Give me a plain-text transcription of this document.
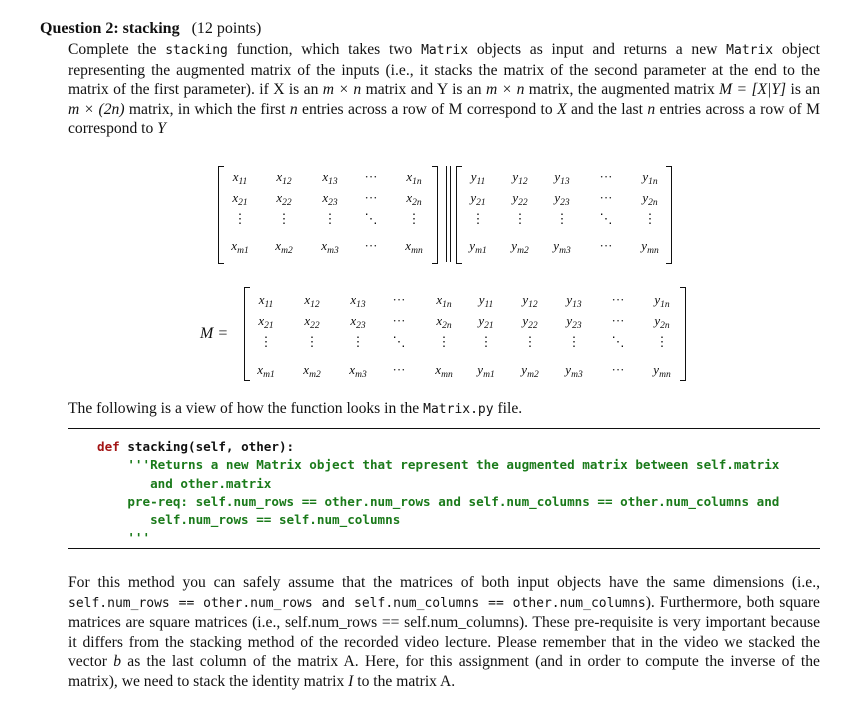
Question 2: stacking (12 points)
Complete the stacking function, which takes two Matrix objects as input and returns a new Matrix object representing the augmented matrix of the inputs (i.e., it stacks the matrix of the second parameter at the end to the matrix of the first parameter). if X is an m × n matrix and Y is an m × n matrix, the augmented matrix M = [X|Y] is an m × (2n) matrix, in which the first n entries across a row of M correspond to X and the last n entries across a row of M correspond to Y
$x_{11}$ $x_{12}$ $x_{13}$ ··· $x_{1n}$
$x_{21}$ $x_{22}$ $x_{23}$ ··· $x_{2n}$
⋮ ⋮	⋮ ⋱ ⋮
$x_{m1}$ $x_{m2}$ $x_{m3}$ ··· $x_{mn}$
$y_{11}$ $y_{12}$ $y_{13}$ ··· $y_{1n}$
$y_{21}$ $y_{22}$ $y_{23}$ ··· $y_{2n}$
⋮ ⋮ ⋮ ⋱ ⋮
$y_{m1}$ $y_{m2}$ $y_{m3}$ ··· $y_{mn}$
M =
$x_{11}$ $x_{12}$ $x_{13}$ ··· $x_{1n}$ $y_{11}$ $y_{12}$ $y_{13}$ ··· $y_{1n}$
$x_{21}$ $x_{22}$ $x_{23}$ ··· $x_{2n}$ $y_{21}$ $y_{22}$ $y_{23}$ ··· $y_{2n}$
⋮	⋮	⋮ ⋱ ⋮ ⋮ ⋮ ⋮ ⋱ ⋮
$x_{m1}$ $x_{m2}$ $x_{m3}$ ··· $x_{mn}$ $y_{m1}$ $y_{m2}$ $y_{m3}$ ··· $y_{mn}$
The following is a view of how the function looks in the Matrix.py file.
def stacking(self, other):
'''Returns a new Matrix object that represent the augmented matrix between self.matrix
and other.matrix
pre-req: self.num_rows == other.num_rows and self.num_columns == other.num_columns and
self.num_rows == self.num_columns
'''
For this method you can safely assume that the matrices of both input objects have the same dimensions (i.e., self.num_rows == other.num_rows and self.num_columns == other.num_columns). Furthermore, both square matrices are square matrices (i.e., self.num_rows == self.num_columns). These pre-requisite is very important because it differs from the stacking method of the recorded video lecture. Please remember that in the video we stacked the vector b as the last column of the matrix A. Here, for this assignment (and in order to compute the inverse of the matrix), we need to stack the identity matrix I to the matrix A.
